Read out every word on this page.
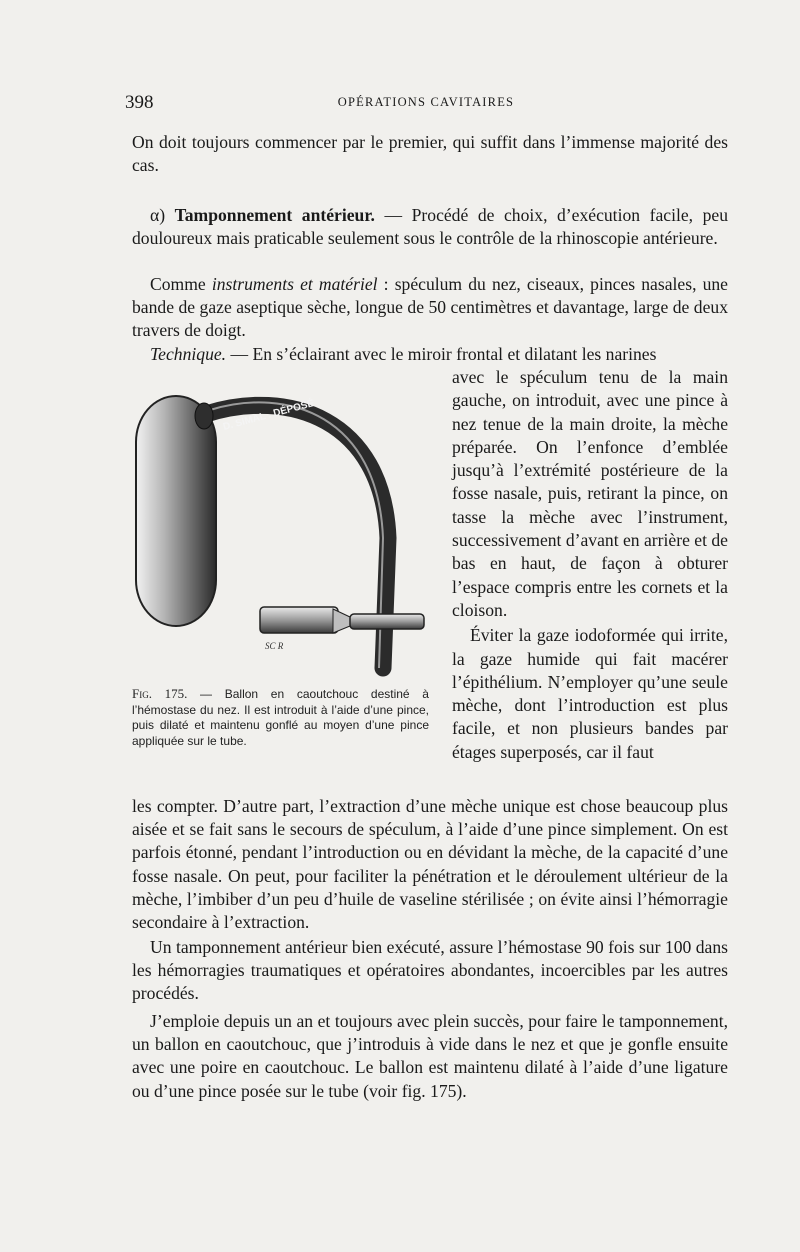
398	OPÉRATIONS CAVITAIRES

On doit toujours commencer par le premier, qui suffit dans l’immense majorité des cas.

α) Tamponnement antérieur. — Procédé de choix, d’exécution facile, peu douloureux mais praticable seulement sous le contrôle de la rhinoscopie antérieure.

Comme instruments et matériel : spéculum du nez, ciseaux, pinces nasales, une bande de gaze aseptique sèche, longue de 50 centimètres et davantage, large de deux travers de doigt.

Technique. — En s’éclairant avec le miroir frontal et dilatant les narines

avec le spéculum tenu de la main gauche, on introduit, avec une pince à nez tenue de la main droite, la mèche préparée. On l’enfonce d’emblée jusqu’à l’extrémité postérieure de la fosse nasale, puis, retirant la pince, on tasse la mèche avec l’instrument, successivement d’avant en arrière et de bas en haut, de façon à obturer l’espace compris entre les cornets et la cloison.

Éviter la gaze iodoformée qui irrite, la gaze humide qui fait macérer l’épithélium. N’employer qu’une seule mèche, dont l’introduction est plus facile, et non plusieurs bandes par étages superposés, car il faut

D. SIMAL . DÉPOSÉ
SC R

Fig. 175. — Ballon en caoutchouc destiné à l’hémostase du nez. Il est introduit à l’aide d’une pince, puis dilaté et maintenu gonflé au moyen d’une pince appliquée sur le tube.

les compter. D’autre part, l’extraction d’une mèche unique est chose beaucoup plus aisée et se fait sans le secours de spéculum, à l’aide d’une pince simplement. On est parfois étonné, pendant l’introduction ou en dévidant la mèche, de la capacité d’une fosse nasale. On peut, pour faciliter la pénétration et le déroulement ultérieur de la mèche, l’imbiber d’un peu d’huile de vaseline stérilisée ; on évite ainsi l’hémorragie secondaire à l’extraction.

Un tamponnement antérieur bien exécuté, assure l’hémostase 90 fois sur 100 dans les hémorragies traumatiques et opératoires abondantes, incoercibles par les autres procédés.

J’emploie depuis un an et toujours avec plein succès, pour faire le tamponnement, un ballon en caoutchouc, que j’introduis à vide dans le nez et que je gonfle ensuite avec une poire en caoutchouc. Le ballon est maintenu dilaté à l’aide d’une ligature ou d’une pince posée sur le tube (voir fig. 175).
